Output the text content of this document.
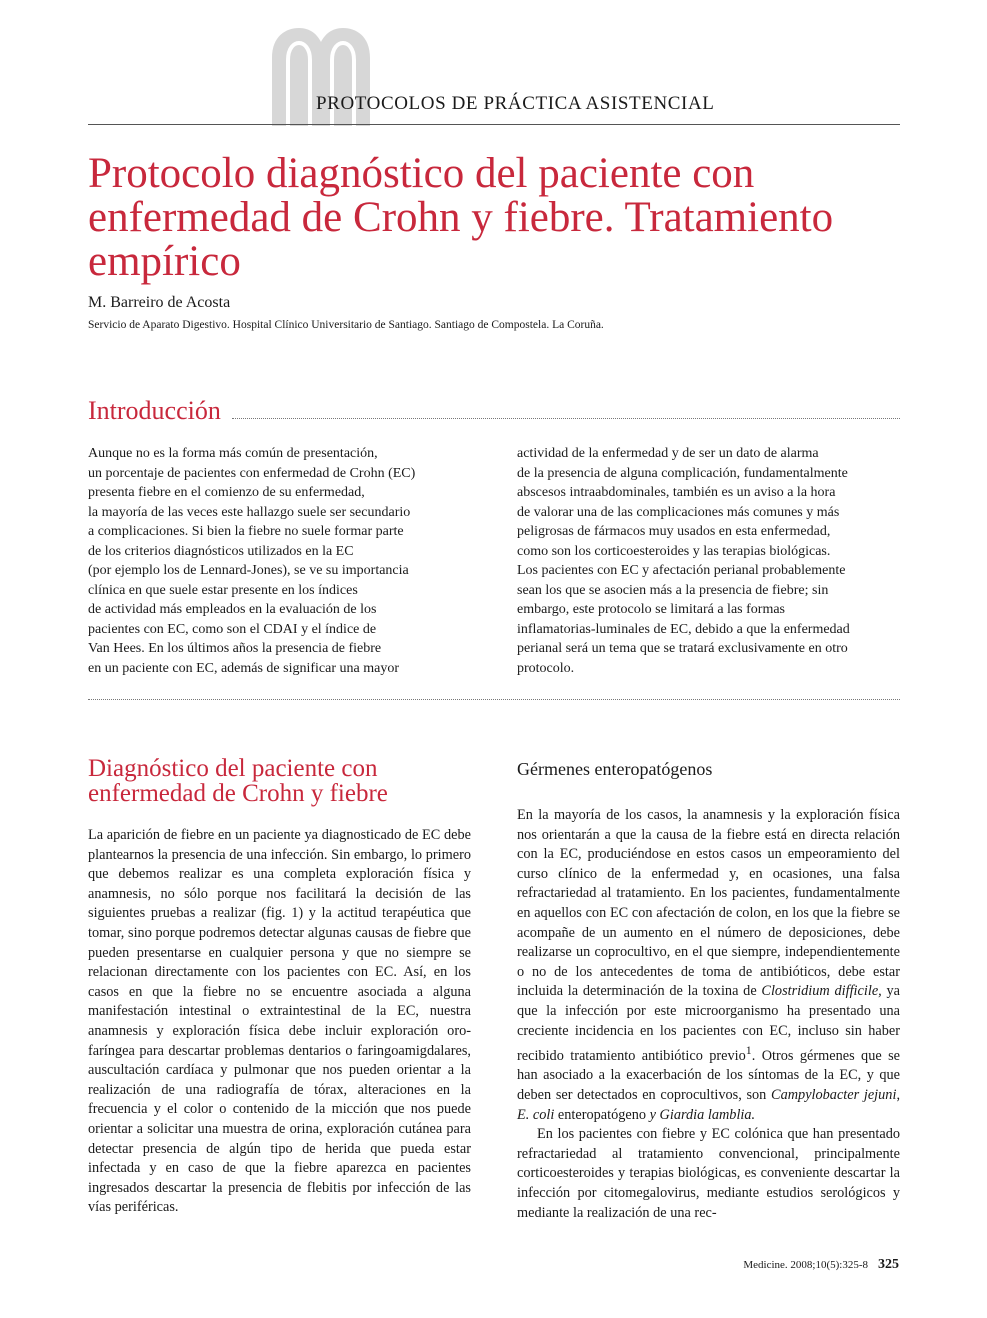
PROTOCOLOS DE PRÁCTICA ASISTENCIAL
Protocolo diagnóstico del paciente con enfermedad de Crohn y fiebre. Tratamiento empírico
M. Barreiro de Acosta
Servicio de Aparato Digestivo. Hospital Clínico Universitario de Santiago. Santiago de Compostela. La Coruña.
Introducción
Aunque no es la forma más común de presentación,
un porcentaje de pacientes con enfermedad de Crohn (EC)
presenta fiebre en el comienzo de su enfermedad,
la mayoría de las veces este hallazgo suele ser secundario
a complicaciones. Si bien la fiebre no suele formar parte
de los criterios diagnósticos utilizados en la EC
(por ejemplo los de Lennard-Jones), se ve su importancia
clínica en que suele estar presente en los índices
de actividad más empleados en la evaluación de los
pacientes con EC, como son el CDAI y el índice de
Van Hees. En los últimos años la presencia de fiebre
en un paciente con EC, además de significar una mayor
actividad de la enfermedad y de ser un dato de alarma
de la presencia de alguna complicación, fundamentalmente
abscesos intraabdominales, también es un aviso a la hora
de valorar una de las complicaciones más comunes y más
peligrosas de fármacos muy usados en esta enfermedad,
como son los corticoesteroides y las terapias biológicas.
Los pacientes con EC y afectación perianal probablemente
sean los que se asocien más a la presencia de fiebre; sin
embargo, este protocolo se limitará a las formas
inflamatorias-luminales de EC, debido a que la enfermedad
perianal será un tema que se tratará exclusivamente en otro
protocolo.
Diagnóstico del paciente con enfermedad de Crohn y fiebre
Gérmenes enteropatógenos

La aparición de fiebre en un paciente ya diagnosticado de EC debe plantearnos la presencia de una infección. Sin embargo, lo primero que debemos realizar es una completa exploración física y anamnesis, no sólo porque nos facilitará la decisión de las siguientes pruebas a realizar (fig. 1) y la actitud terapéutica que tomar, sino porque podremos detectar algunas causas de fiebre que pueden presentarse en cualquier persona y que no siempre se relacionan directamente con los pacientes con EC. Así, en los casos en que la fiebre no se encuentre asociada a alguna manifestación intestinal o extraintestinal de la EC, nuestra anamnesis y exploración física debe incluir exploración oro-faríngea para descartar problemas dentarios o faringoamigdalares, auscultación cardíaca y pulmonar que nos pueden orientar a la realización de una radiografía de tórax, alteraciones en la frecuencia y el color o contenido de la micción que nos puede orientar a solicitar una muestra de orina, exploración cutánea para detectar presencia de algún tipo de herida que pueda estar infectada y en caso de que la fiebre aparezca en pacientes ingresados descartar la presencia de flebitis por infección de las vías periféricas.

En la mayoría de los casos, la anamnesis y la exploración física nos orientarán a que la causa de la fiebre está en directa relación con la EC, produciéndose en estos casos un empeoramiento del curso clínico de la enfermedad y, en ocasiones, una falsa refractariedad al tratamiento. En los pacientes, fundamentalmente en aquellos con EC con afectación de colon, en los que la fiebre se acompañe de un aumento en el número de deposiciones, debe realizarse un coprocultivo, en el que siempre, independientemente o no de los antecedentes de toma de antibióticos, debe estar incluida la determinación de la toxina de Clostridium difficile, ya que la infección por este microorganismo ha presentado una creciente incidencia en los pacientes con EC, incluso sin haber recibido tratamiento antibiótico previo$^1$. Otros gérmenes que se han asociado a la exacerbación de los síntomas de la EC, y que deben ser detectados en coprocultivos, son Campylobacter jejuni, E. coli enteropatógeno y Giardia lamblia.

En los pacientes con fiebre y EC colónica que han presentado refractariedad al tratamiento convencional, principalmente corticoesteroides y terapias biológicas, es conveniente descartar la infección por citomegalovirus, mediante estudios serológicos y mediante la realización de una rec-

Medicine. 2008;10(5):325-8 325
